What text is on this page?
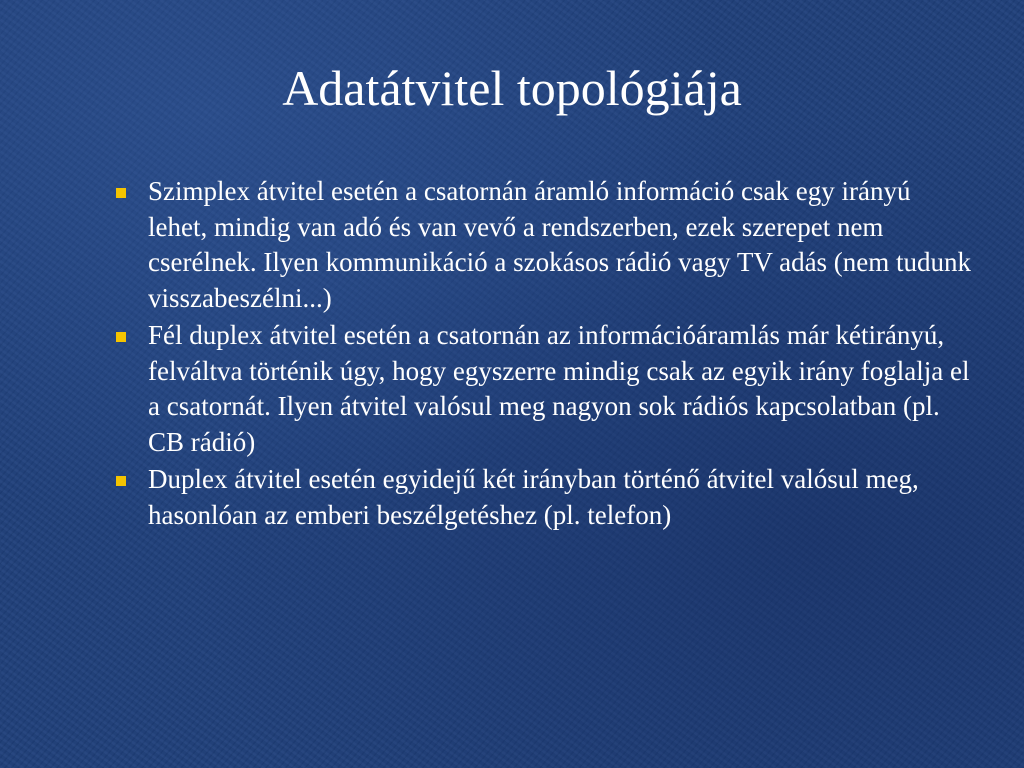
Adatátvitel topológiája
Szimplex átvitel esetén a csatornán áramló információ csak egy irányú lehet, mindig van adó és van vevő a rendszerben, ezek szerepet nem cserélnek. Ilyen kommunikáció a szokásos rádió vagy TV adás (nem tudunk visszabeszélni...)
Fél duplex átvitel esetén a csatornán az információáramlás már kétirányú, felváltva történik úgy, hogy egyszerre mindig csak az egyik irány foglalja el a csatornát. Ilyen átvitel valósul meg nagyon sok rádiós kapcsolatban (pl. CB rádió)
Duplex átvitel esetén egyidejű két irányban történő átvitel valósul meg, hasonlóan az emberi beszélgetéshez (pl. telefon)
